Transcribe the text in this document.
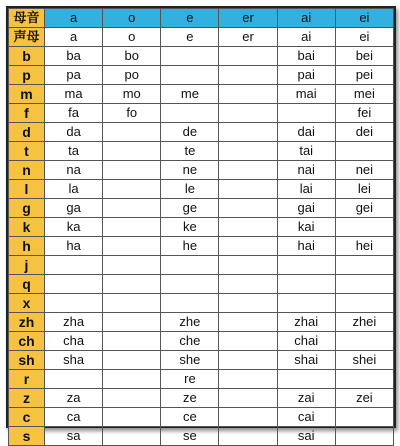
母音	a	o	e	er	ai	ei
声母	a	o	e	er	ai	ei
b	ba	bo			bai	bei
p	pa	po			pai	pei
m	ma	mo	me		mai	mei
f	fa	fo				fei
d	da		de		dai	dei
t	ta		te		tai	
n	na		ne		nai	nei
l	la		le		lai	lei
g	ga		ge		gai	gei
k	ka		ke		kai	
h	ha		he		hai	hei
j						
q						
x						
zh	zha		zhe		zhai	zhei
ch	cha		che		chai	
sh	sha		she		shai	shei
r			re			
z	za		ze		zai	zei
c	ca		ce		cai	
s	sa		se		sai	
